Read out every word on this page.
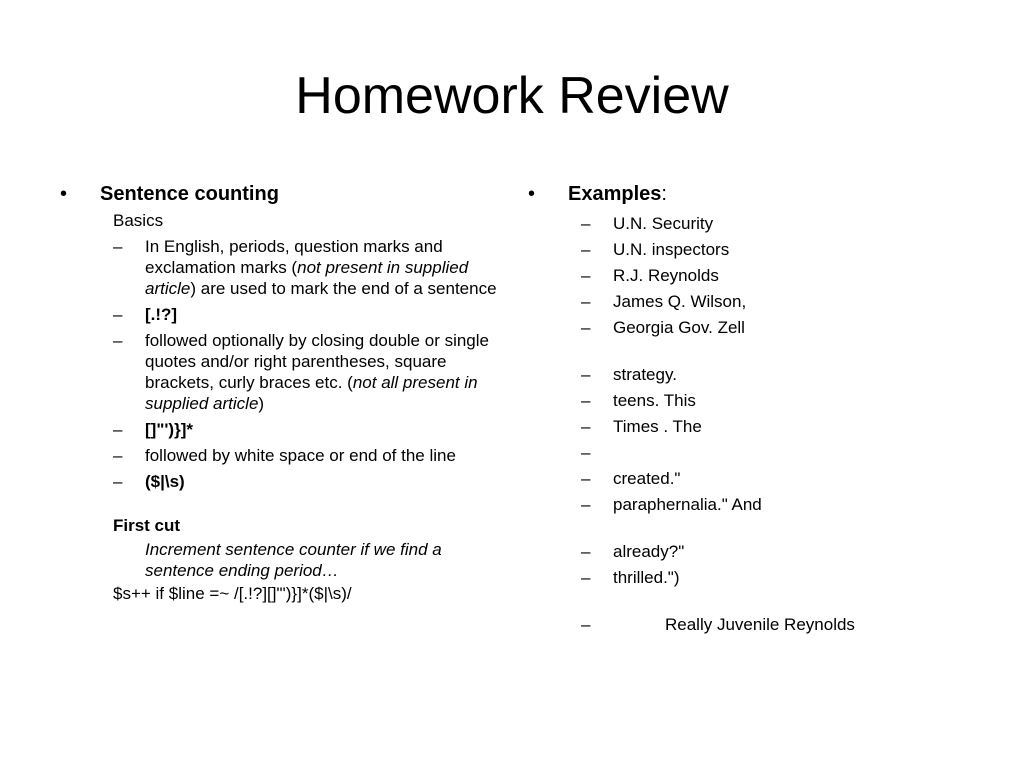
Homework Review
• Sentence counting
Basics
– In English, periods, question marks and exclamation marks (not present in supplied article) are used to mark the end of a sentence
– [.!?]
– followed optionally by closing double or single quotes and/or right parentheses, square brackets, curly braces etc. (not all present in supplied article)
– []"')}]*
– followed by white space or end of the line
– ($|\s)
First cut
Increment sentence counter if we find a sentence ending period…
$s++ if $line =~ /[.!?][]"')}]*($|\s)/
• Examples:
– U.N. Security
– U.N. inspectors
– R.J. Reynolds
– James Q. Wilson,
– Georgia Gov. Zell
– strategy.
– teens. This
– Times . The
–

– created."
– paraphernalia." And
– already?"
– thrilled.")
–	Really Juvenile Reynolds
